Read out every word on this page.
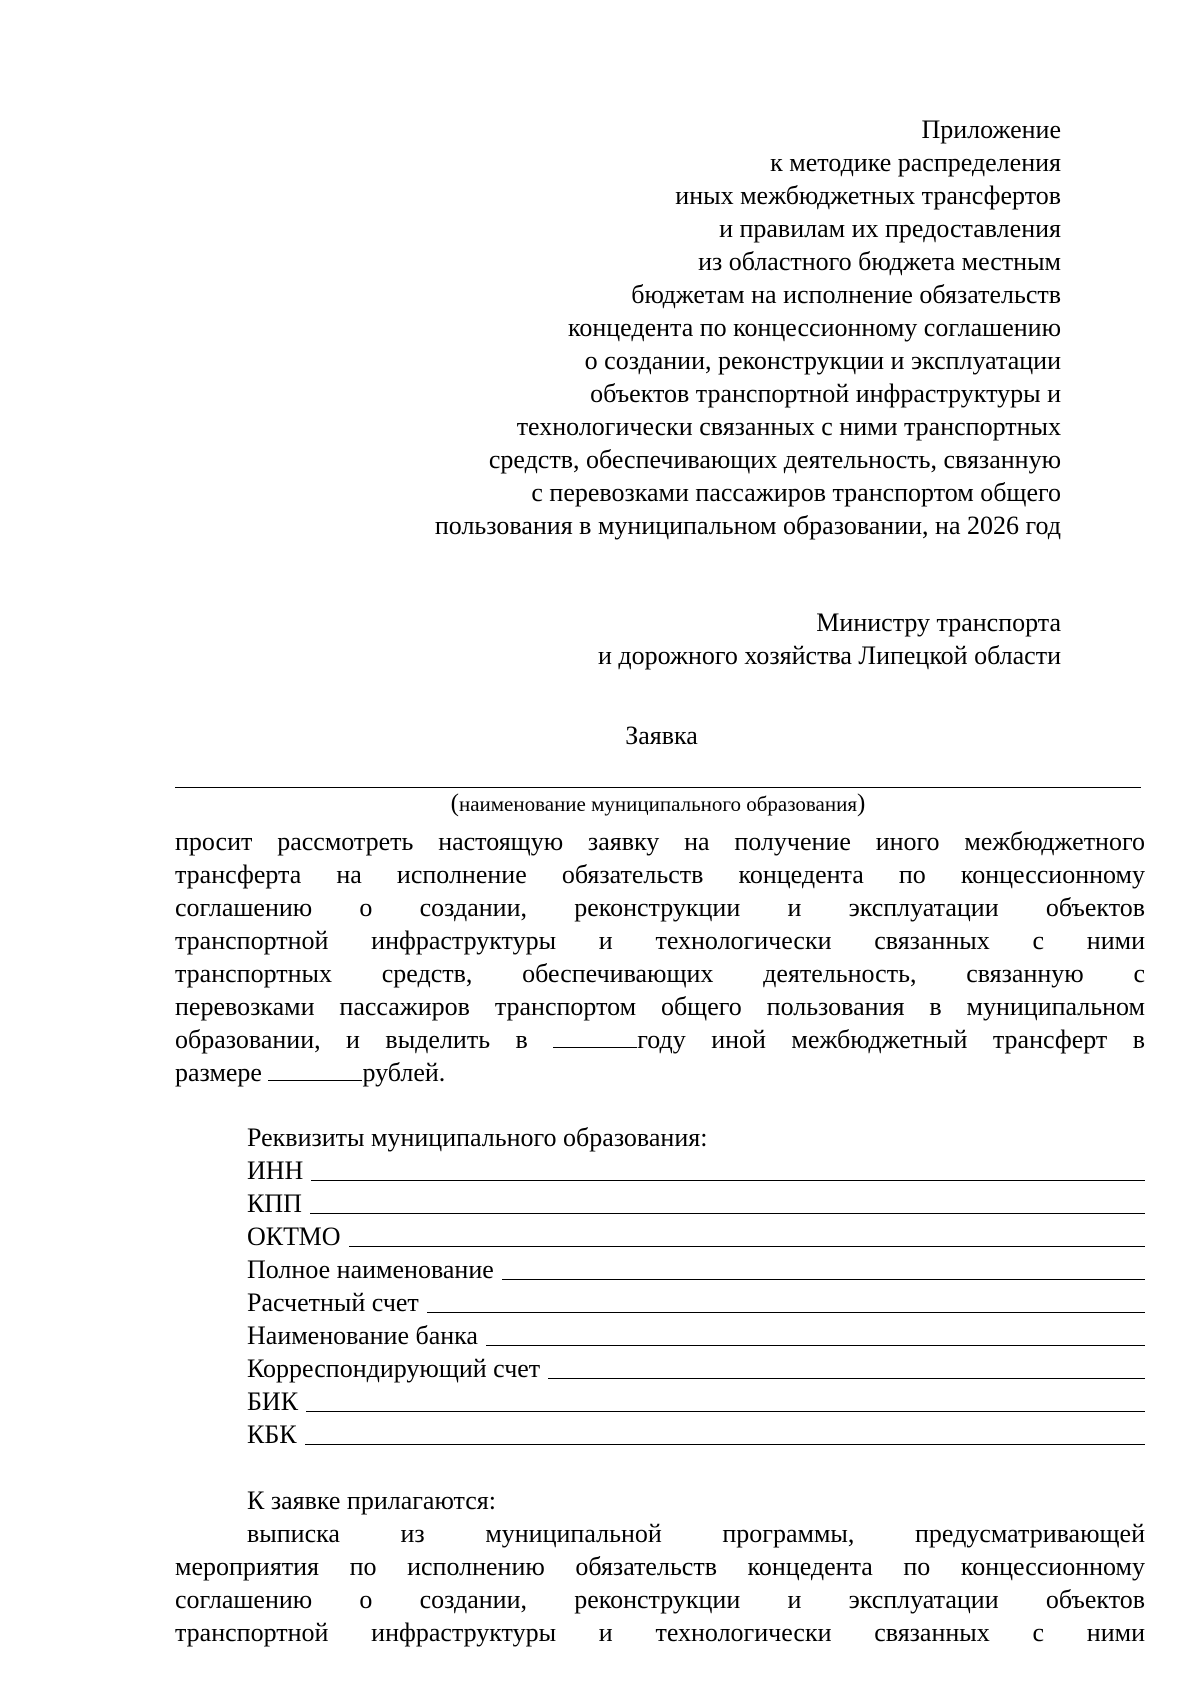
Приложение
к методике распределения
иных межбюджетных трансфертов
и правилам их предоставления
из областного бюджета местным
бюджетам на исполнение обязательств
концедента по концессионному соглашению
о создании, реконструкции и эксплуатации
объектов транспортной инфраструктуры и
технологически связанных с ними транспортных
средств, обеспечивающих деятельность, связанную
с перевозками пассажиров транспортом общего
пользования в муниципальном образовании, на 2026 год
Министру транспорта
и дорожного хозяйства Липецкой области
Заявка
(наименование муниципального образования)
просит рассмотреть настоящую заявку на получение иного межбюджетного
трансферта на исполнение обязательств концедента по концессионному
соглашению о создании, реконструкции и эксплуатации объектов
транспортной инфраструктуры и технологически связанных с ними
транспортных средств, обеспечивающих деятельность, связанную с
перевозками пассажиров транспортом общего пользования в муниципальном
образовании, и выделить в	году иной межбюджетный трансферт в
размере	рублей.
Реквизиты муниципального образования:
ИНН
КПП
ОКТМО
Полное наименование
Расчетный счет
Наименование банка
Корреспондирующий счет
БИК
КБК
К заявке прилагаются:
выписка из муниципальной программы, предусматривающей
мероприятия по исполнению обязательств концедента по концессионному
соглашению о создании, реконструкции и эксплуатации объектов
транспортной инфраструктуры и технологически связанных с ними
